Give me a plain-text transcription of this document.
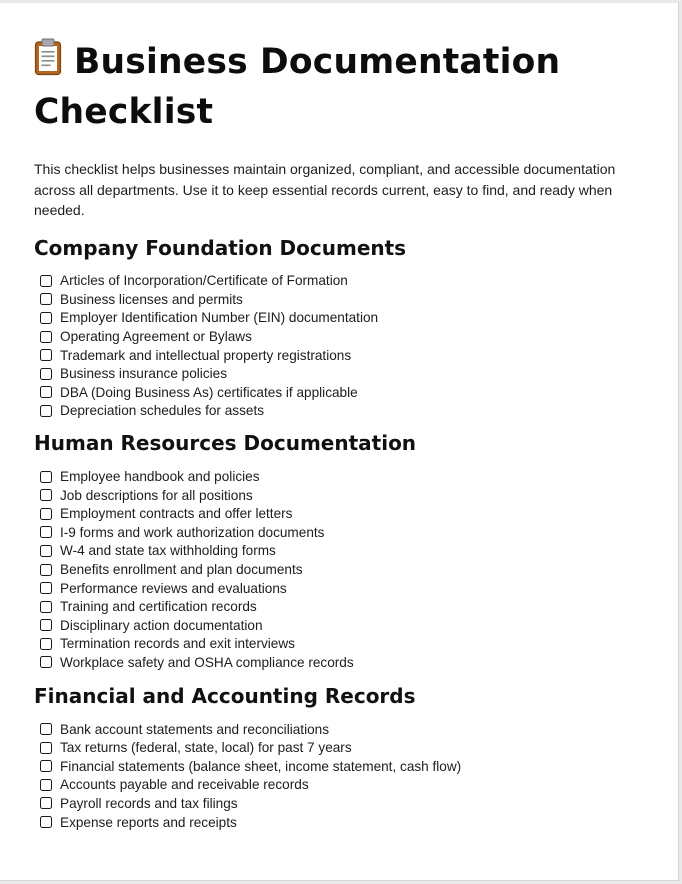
Business Documentation Checklist

This checklist helps businesses maintain organized, compliant, and accessible documentation across all departments. Use it to keep essential records current, easy to find, and ready when needed.

Company Foundation Documents
Articles of Incorporation/Certificate of Formation
Business licenses and permits
Employer Identification Number (EIN) documentation
Operating Agreement or Bylaws
Trademark and intellectual property registrations
Business insurance policies
DBA (Doing Business As) certificates if applicable
Depreciation schedules for assets
Human Resources Documentation
Employee handbook and policies
Job descriptions for all positions
Employment contracts and offer letters
I-9 forms and work authorization documents
W-4 and state tax withholding forms
Benefits enrollment and plan documents
Performance reviews and evaluations
Training and certification records
Disciplinary action documentation
Termination records and exit interviews
Workplace safety and OSHA compliance records
Financial and Accounting Records
Bank account statements and reconciliations
Tax returns (federal, state, local) for past 7 years
Financial statements (balance sheet, income statement, cash flow)
Accounts payable and receivable records
Payroll records and tax filings
Expense reports and receipts
